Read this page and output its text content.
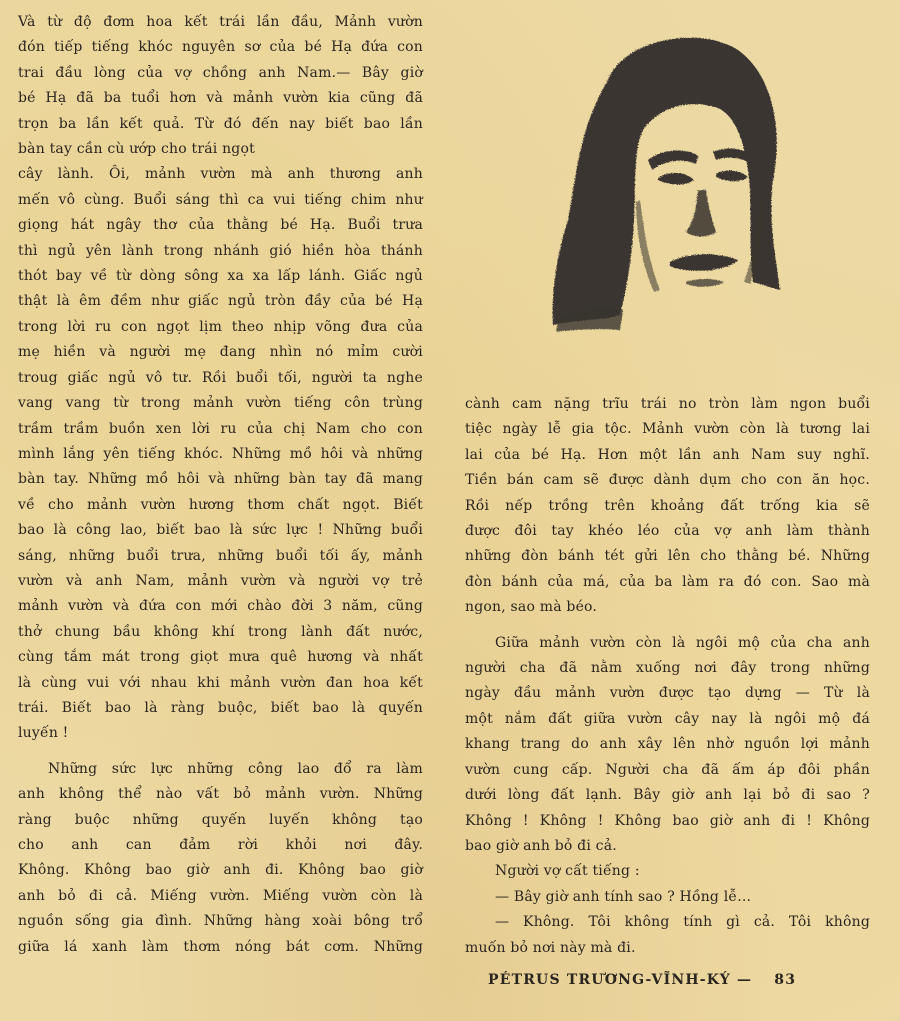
Và từ độ đơm hoa kết trái lần đầu, Mảnh vườn
đón tiếp tiếng khóc nguyên sơ của bé Hạ đứa con
trai đầu lòng của vợ chồng anh Nam.— Bây giờ
bé Hạ đã ba tuổi hơn và mảnh vườn kia cũng đã
trọn ba lần kết quả. Từ đó đến nay biết bao lần
bàn tay cần cù ướp cho trái ngọt
cây lành. Ôi, mảnh vườn mà anh thương anh
mến vô cùng. Buổi sáng thì ca vui tiếng chim như
giọng hát ngây thơ của thằng bé Hạ. Buổi trưa
thì ngủ yên lành trong nhánh gió hiền hòa thánh
thót bay về từ dòng sông xa xa lấp lánh. Giấc ngủ
thật là êm đềm như giấc ngủ tròn đầy của bé Hạ
trong lời ru con ngọt lịm theo nhịp võng đưa của
mẹ hiền và người mẹ đang nhìn nó mỉm cười
troug giấc ngủ vô tư. Rồi buổi tối, người ta nghe
vang vang từ trong mảnh vườn tiếng côn trùng
trầm trầm buồn xen lời ru của chị Nam cho con
mình lắng yên tiếng khóc. Những mồ hôi và những
bàn tay. Những mồ hôi và những bàn tay đã mang
về cho mảnh vườn hương thơm chất ngọt. Biết
bao là công lao, biết bao là sức lực ! Những buổi
sáng, những buổi trưa, những buổi tối ấy, mảnh
vườn và anh Nam, mảnh vườn và người vợ trẻ
mảnh vườn và đứa con mới chào đời 3 năm, cũng
thở chung bầu không khí trong lành đất nước,
cùng tắm mát trong giọt mưa quê hương và nhất
là cùng vui với nhau khi mảnh vườn đan hoa kết
trái. Biết bao là ràng buộc, biết bao là quyến
luyến !
Những sức lực những công lao đổ ra làm
anh không thể nào vất bỏ mảnh vườn. Những
ràng buộc những quyến luyến không tạo
cho anh can đảm rời khỏi nơi đây.
Không. Không bao giờ anh đi. Không bao giờ
anh bỏ đi cả. Miếng vườn. Miếng vườn còn là
nguồn sống gia đình. Những hàng xoài bông trổ
giữa lá xanh làm thơm nóng bát cơm. Những
cành cam nặng trĩu trái no tròn làm ngon buổi
tiệc ngày lễ gia tộc. Mảnh vườn còn là tương lai
lai của bé Hạ. Hơn một lần anh Nam suy nghĩ.
Tiền bán cam sẽ được dành dụm cho con ăn học.
Rồi nếp trồng trên khoảng đất trống kia sẽ
được đôi tay khéo léo của vợ anh làm thành
những đòn bánh tét gửi lên cho thằng bé. Những
đòn bánh của má, của ba làm ra đó con. Sao mà
ngon, sao mà béo.
Giữa mảnh vườn còn là ngôi mộ của cha anh
người cha đã nằm xuống nơi đây trong những
ngày đầu mảnh vườn được tạo dựng — Từ là
một nắm đất giữa vườn cây nay là ngôi mộ đá
khang trang do anh xây lên nhờ nguồn lợi mảnh
vườn cung cấp. Người cha đã ấm áp đôi phần
dưới lòng đất lạnh. Bây giờ anh lại bỏ đi sao ?
Không ! Không ! Không bao giờ anh đi ! Không
bao giờ anh bỏ đi cả.
Người vợ cất tiếng :
— Bây giờ anh tính sao ? Hồng lễ...
— Không. Tôi không tính gì cả. Tôi không
muốn bỏ nơi này mà đi.
PÉTRUS TRƯƠNG-VĨNH-KÝ — 83
